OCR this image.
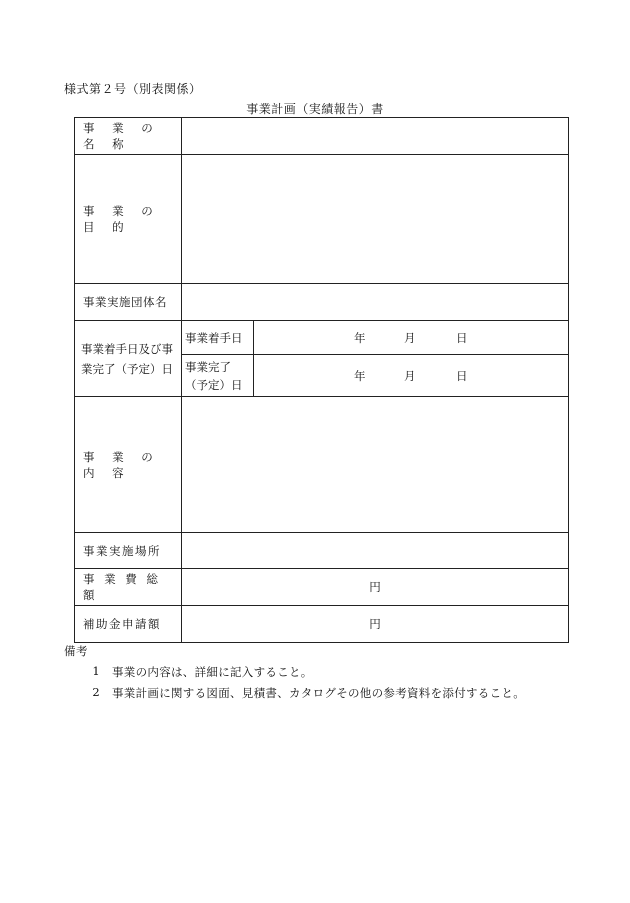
様式第２号（別表関係）
事業計画（実績報告）書
事 業 の 名 称		
事 業 の 目 的		
事業実施団体名		
事業着手日及び事業完了（予定）日	事業着手日	年 月 日

	事業完了（予定）日	年 月 日

事 業 の 内 容		
事業実施場所		
事 業 費 総 額	円	
補助金申請額	円	
備考
1	事業の内容は、詳細に記入すること。
2	事業計画に関する図面、見積書、カタログその他の参考資料を添付すること。
